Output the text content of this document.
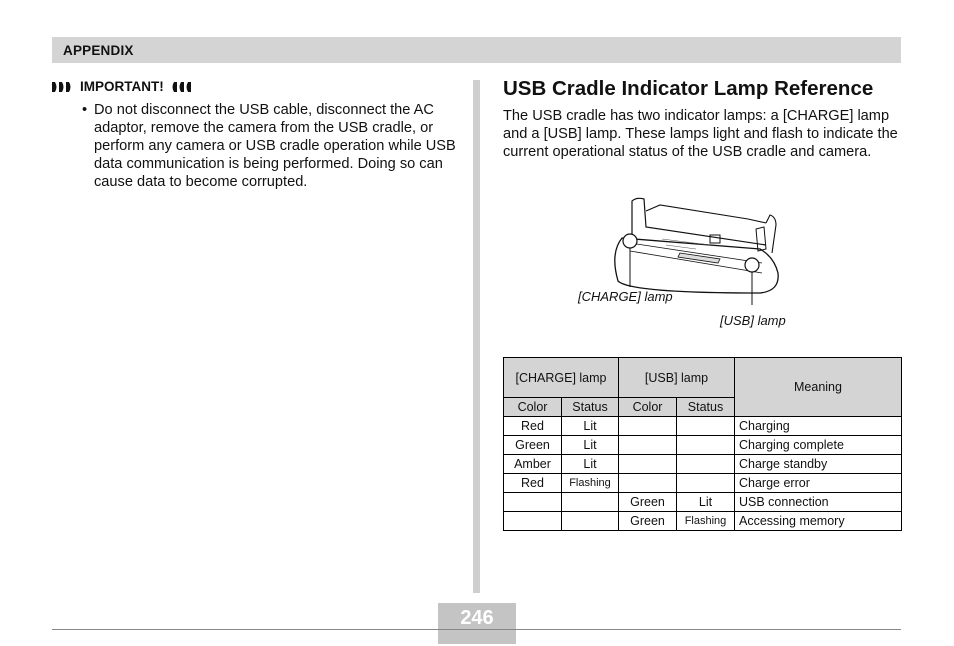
APPENDIX
IMPORTANT!
• Do not disconnect the USB cable, disconnect the AC adaptor, remove the camera from the USB cradle, or perform any camera or USB cradle operation while USB data communication is being performed. Doing so can cause data to become corrupted.
USB Cradle Indicator Lamp Reference
The USB cradle has two indicator lamps: a [CHARGE] lamp and a [USB] lamp. These lamps light and flash to indicate the current operational status of the USB cradle and camera.
[CHARGE] lamp
[USB] lamp
[CHARGE] lamp		[USB] lamp		Meaning
Color	Status	Color	Status	
Red	Lit			Charging
Green	Lit			Charging complete
Amber	Lit			Charge standby
Red	Flashing			Charge error
		Green	Lit	USB connection
		Green	Flashing	Accessing memory
246
